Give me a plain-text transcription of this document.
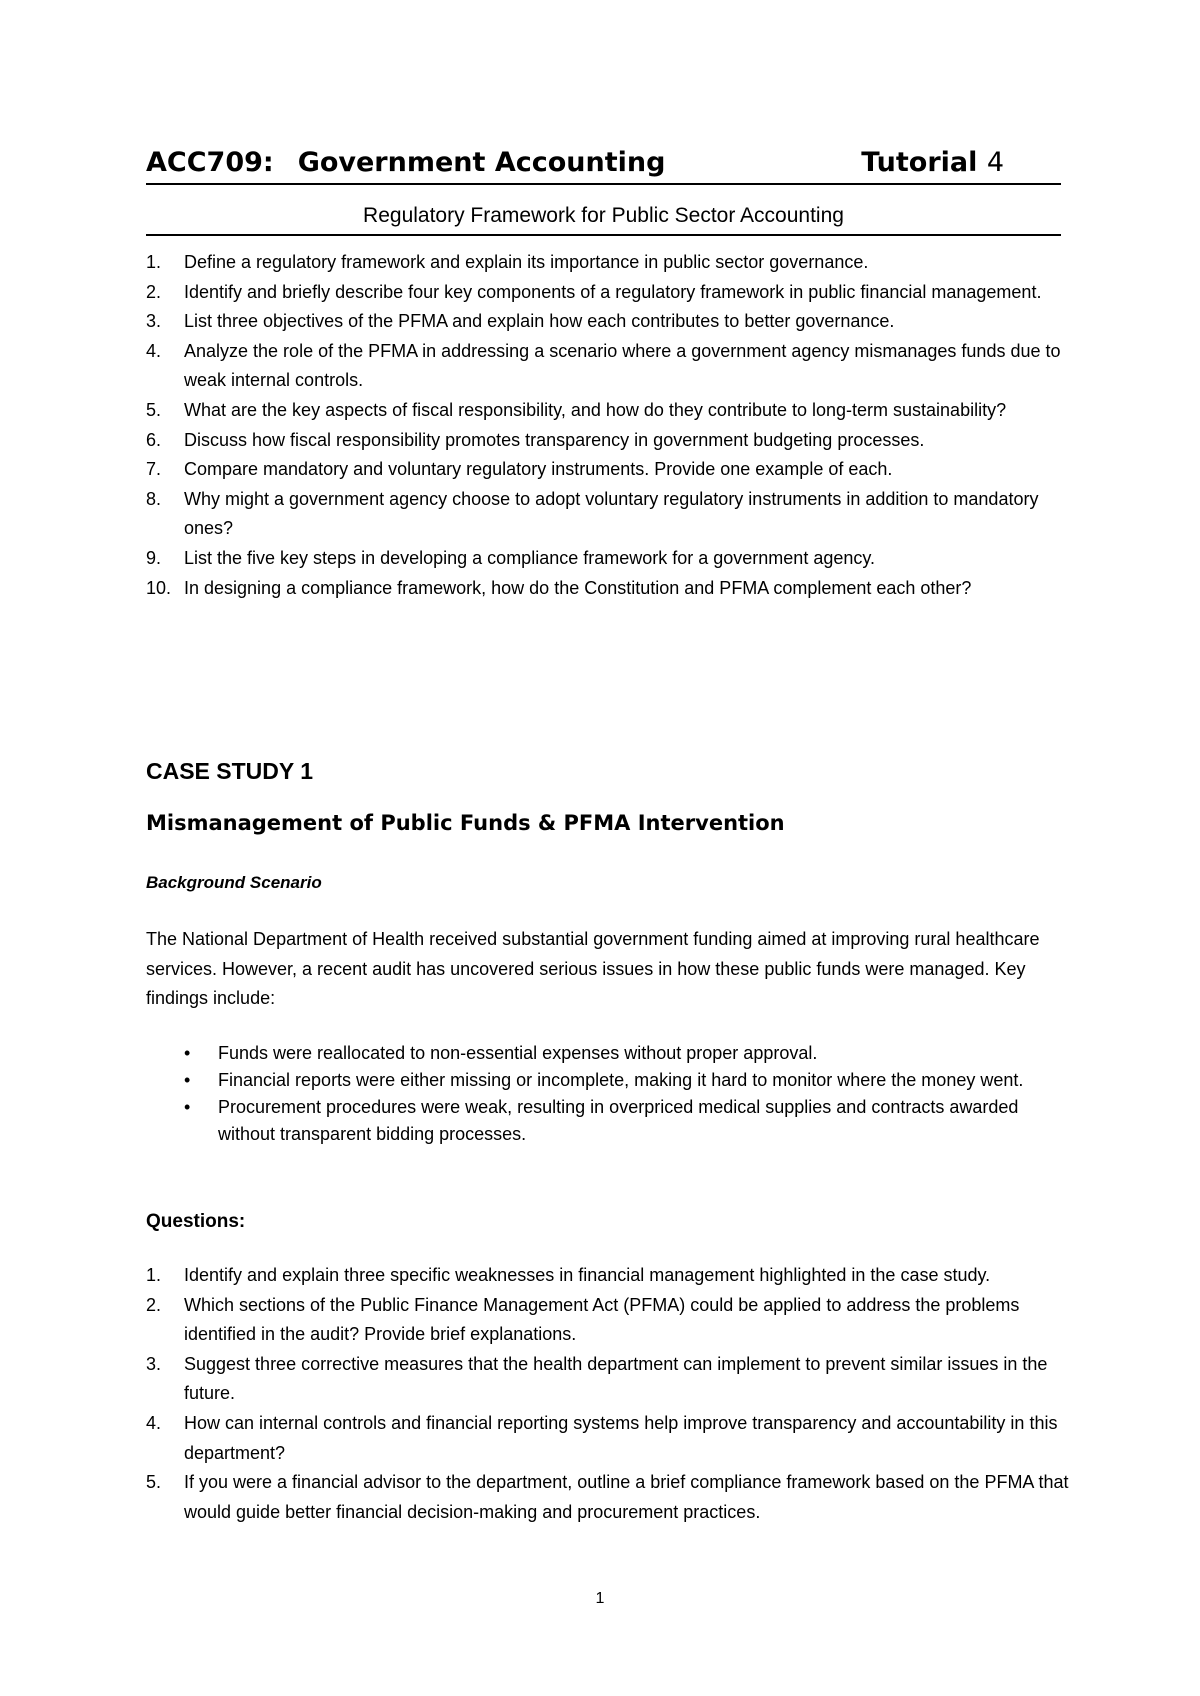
ACC709: Government Accounting	Tutorial 4
Regulatory Framework for Public Sector Accounting
1. Define a regulatory framework and explain its importance in public sector governance.
2. Identify and briefly describe four key components of a regulatory framework in public financial management.
3. List three objectives of the PFMA and explain how each contributes to better governance.
4. Analyze the role of the PFMA in addressing a scenario where a government agency mismanages funds due to weak internal controls.
5. What are the key aspects of fiscal responsibility, and how do they contribute to long-term sustainability?
6. Discuss how fiscal responsibility promotes transparency in government budgeting processes.
7. Compare mandatory and voluntary regulatory instruments. Provide one example of each.
8. Why might a government agency choose to adopt voluntary regulatory instruments in addition to mandatory ones?
9. List the five key steps in developing a compliance framework for a government agency.
10. In designing a compliance framework, how do the Constitution and PFMA complement each other?
CASE STUDY 1
Mismanagement of Public Funds & PFMA Intervention
Background Scenario

The National Department of Health received substantial government funding aimed at improving rural healthcare services. However, a recent audit has uncovered serious issues in how these public funds were managed. Key findings include:

• Funds were reallocated to non-essential expenses without proper approval.
• Financial reports were either missing or incomplete, making it hard to monitor where the money went.
• Procurement procedures were weak, resulting in overpriced medical supplies and contracts awarded without transparent bidding processes.
Questions:
1. Identify and explain three specific weaknesses in financial management highlighted in the case study.
2. Which sections of the Public Finance Management Act (PFMA) could be applied to address the problems identified in the audit? Provide brief explanations.
3. Suggest three corrective measures that the health department can implement to prevent similar issues in the future.
4. How can internal controls and financial reporting systems help improve transparency and accountability in this department?
5. If you were a financial advisor to the department, outline a brief compliance framework based on the PFMA that would guide better financial decision-making and procurement practices.
1
